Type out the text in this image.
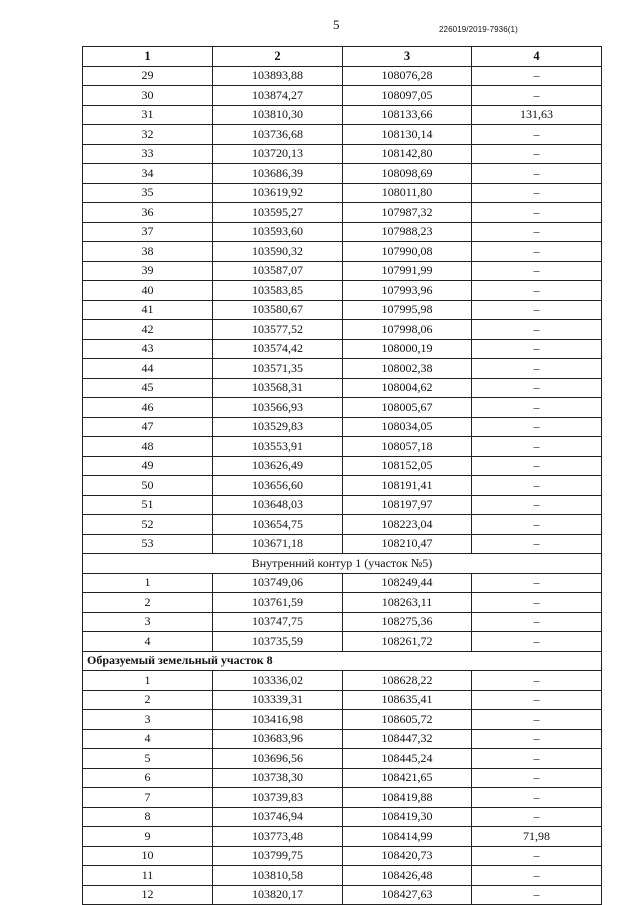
5	226019/2019-7936(1)
1	2	3	4
29	103893,88	108076,28	–
30	103874,27	108097,05	–
31	103810,30	108133,66	131,63
32	103736,68	108130,14	–
33	103720,13	108142,80	–
34	103686,39	108098,69	–
35	103619,92	108011,80	–
36	103595,27	107987,32	–
37	103593,60	107988,23	–
38	103590,32	107990,08	–
39	103587,07	107991,99	–
40	103583,85	107993,96	–
41	103580,67	107995,98	–
42	103577,52	107998,06	–
43	103574,42	108000,19	–
44	103571,35	108002,38	–
45	103568,31	108004,62	–
46	103566,93	108005,67	–
47	103529,83	108034,05	–
48	103553,91	108057,18	–
49	103626,49	108152,05	–
50	103656,60	108191,41	–
51	103648,03	108197,97	–
52	103654,75	108223,04	–
53	103671,18	108210,47	–
Внутренний контур 1 (участок №5)			
1	103749,06	108249,44	–
2	103761,59	108263,11	–
3	103747,75	108275,36	–
4	103735,59	108261,72	–
Образуемый земельный участок 8			
1	103336,02	108628,22	–
2	103339,31	108635,41	–
3	103416,98	108605,72	–
4	103683,96	108447,32	–
5	103696,56	108445,24	–
6	103738,30	108421,65	–
7	103739,83	108419,88	–
8	103746,94	108419,30	–
9	103773,48	108414,99	71,98
10	103799,75	108420,73	–
11	103810,58	108426,48	–
12	103820,17	108427,63	–
